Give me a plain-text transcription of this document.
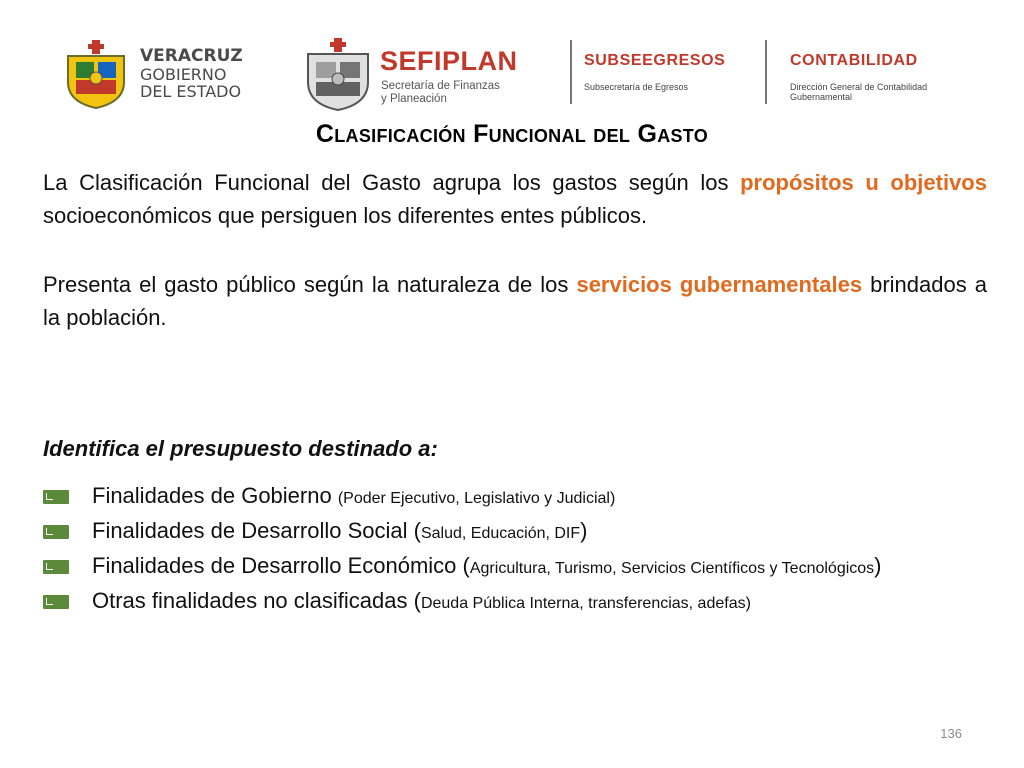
VERACRUZ
GOBIERNO
DEL ESTADO
SEFIPLAN
Secretaría de Finanzas
y Planeación
SUBSEEGRESOS
Subsecretaría de Egresos
CONTABILIDAD
Dirección General de Contabilidad
Gubernamental
Clasificación Funcional del Gasto
La Clasificación Funcional del Gasto agrupa los gastos según los propósitos u objetivos socioeconómicos que persiguen los diferentes entes públicos.
Presenta el gasto público según la naturaleza de los servicios gubernamentales brindados a la población.
Identifica el presupuesto destinado a:
Finalidades de Gobierno (Poder Ejecutivo, Legislativo y Judicial)
Finalidades de Desarrollo Social (Salud, Educación, DIF)
Finalidades de Desarrollo Económico (Agricultura, Turismo, Servicios Científicos y Tecnológicos)
Otras finalidades no clasificadas (Deuda Pública Interna, transferencias, adefas)
136
